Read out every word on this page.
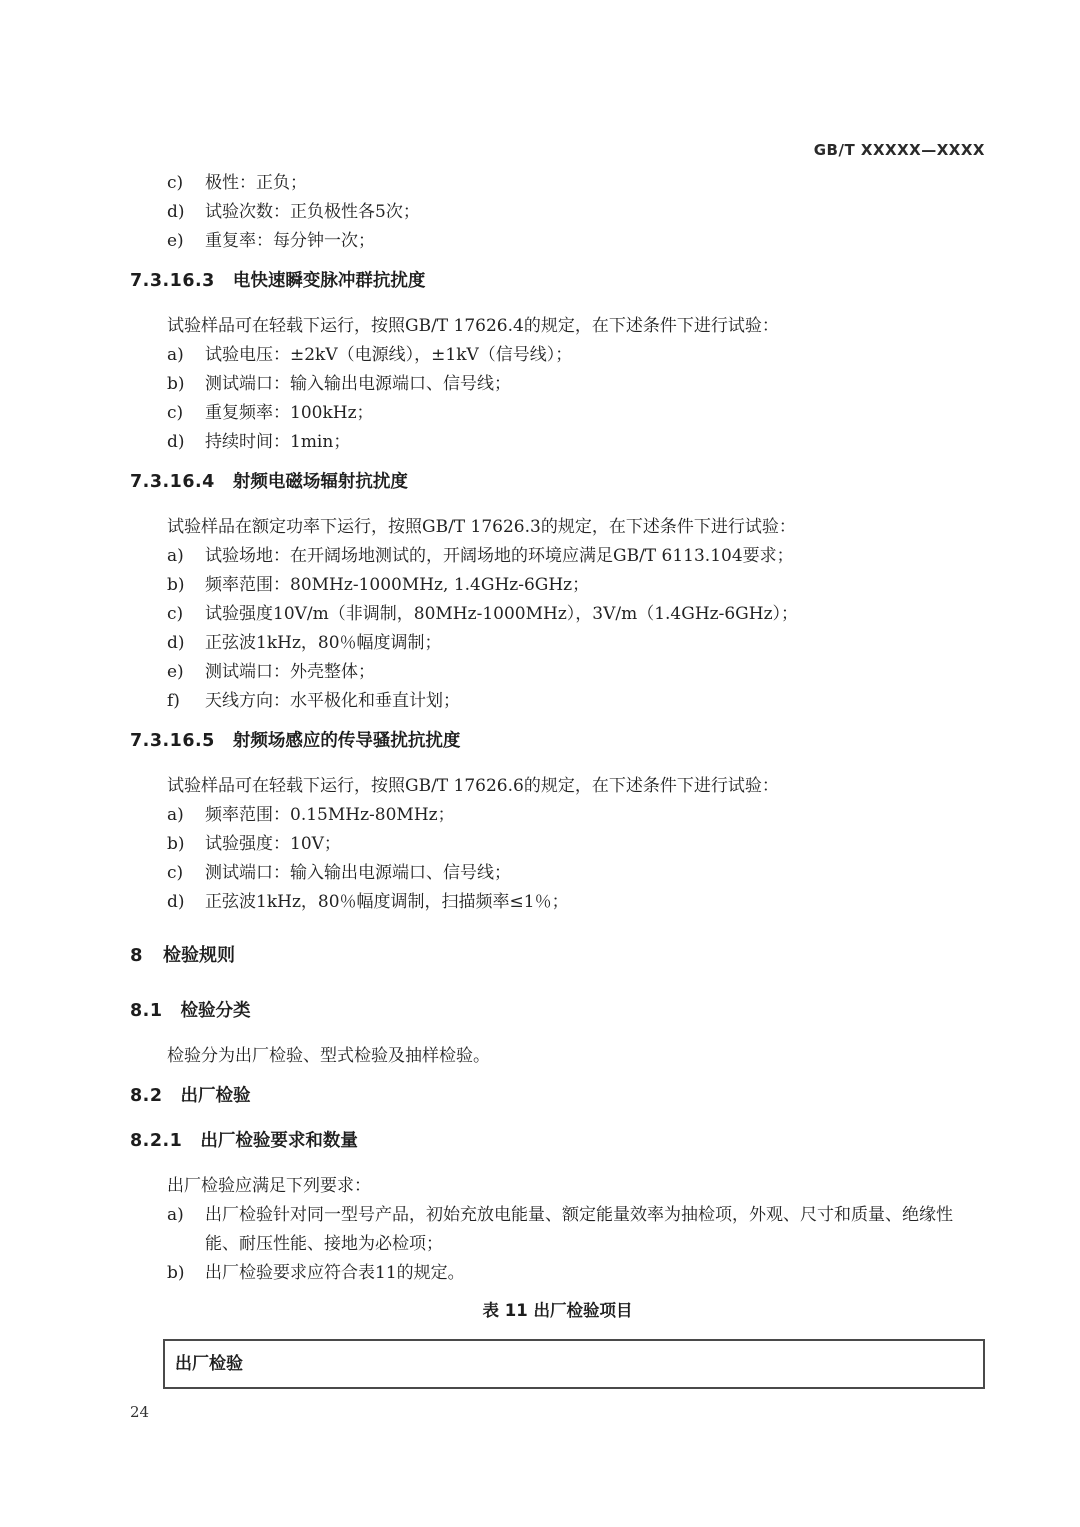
GB/T XXXXX—XXXX
c)	极性：正负；
d)	试验次数：正负极性各5次；
e)	重复率：每分钟一次；
7.3.16.3 电快速瞬变脉冲群抗扰度

试验样品可在轻载下运行，按照GB/T 17626.4的规定，在下述条件下进行试验：

a)	试验电压：±2kV（电源线），±1kV（信号线）；
b)	测试端口：输入输出电源端口、信号线；
c)	重复频率：100kHz；
d)	持续时间：1min；
7.3.16.4 射频电磁场辐射抗扰度

试验样品在额定功率下运行，按照GB/T 17626.3的规定，在下述条件下进行试验：

a)	试验场地：在开阔场地测试的，开阔场地的环境应满足GB/T 6113.104要求；
b)	频率范围：80MHz-1000MHz, 1.4GHz-6GHz；
c)	试验强度10V/m（非调制，80MHz-1000MHz），3V/m（1.4GHz-6GHz）；
d)	正弦波1kHz，80％幅度调制；
e)	测试端口：外壳整体；
f)	天线方向：水平极化和垂直计划；
7.3.16.5 射频场感应的传导骚扰抗扰度

试验样品可在轻载下运行，按照GB/T 17626.6的规定，在下述条件下进行试验：

a)	频率范围：0.15MHz-80MHz；
b)	试验强度：10V；
c)	测试端口：输入输出电源端口、信号线；
d)	正弦波1kHz，80％幅度调制，扫描频率≤1％；
8 检验规则
8.1 检验分类

检验分为出厂检验、型式检验及抽样检验。

8.2 出厂检验
8.2.1 出厂检验要求和数量

出厂检验应满足下列要求：

a)	出厂检验针对同一型号产品，初始充放电能量、额定能量效率为抽检项，外观、尺寸和质量、绝缘性能、耐压性能、接地为必检项；
b)	出厂检验要求应符合表11的规定。
表 11 出厂检验项目
出厂检验
24
